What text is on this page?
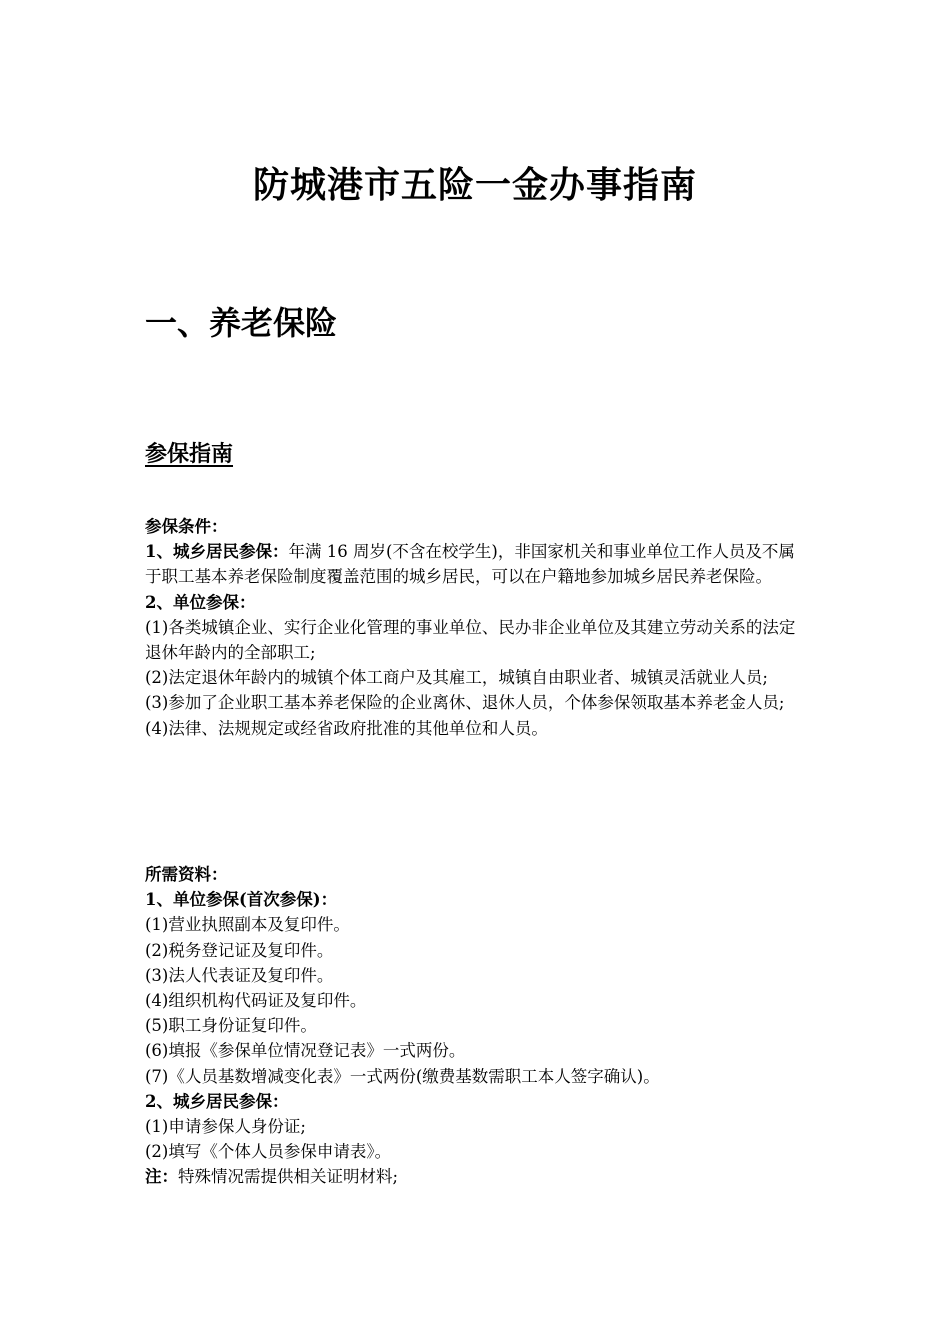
防城港市五险一金办事指南
一、养老保险
参保指南

参保条件：

1、城乡居民参保：年满 16 周岁(不含在校学生)，非国家机关和事业单位工作人员及不属于职工基本养老保险制度覆盖范围的城乡居民，可以在户籍地参加城乡居民养老保险。

2、单位参保：

(1)各类城镇企业、实行企业化管理的事业单位、民办非企业单位及其建立劳动关系的法定退休年龄内的全部职工;

(2)法定退休年龄内的城镇个体工商户及其雇工，城镇自由职业者、城镇灵活就业人员;

(3)参加了企业职工基本养老保险的企业离休、退休人员，个体参保领取基本养老金人员;

(4)法律、法规规定或经省政府批准的其他单位和人员。

所需资料：

1、单位参保(首次参保)：

(1)营业执照副本及复印件。

(2)税务登记证及复印件。

(3)法人代表证及复印件。

(4)组织机构代码证及复印件。

(5)职工身份证复印件。

(6)填报《参保单位情况登记表》一式两份。

(7)《人员基数增减变化表》一式两份(缴费基数需职工本人签字确认)。

2、城乡居民参保：

(1)申请参保人身份证;

(2)填写《个体人员参保申请表》。

注：特殊情况需提供相关证明材料;
